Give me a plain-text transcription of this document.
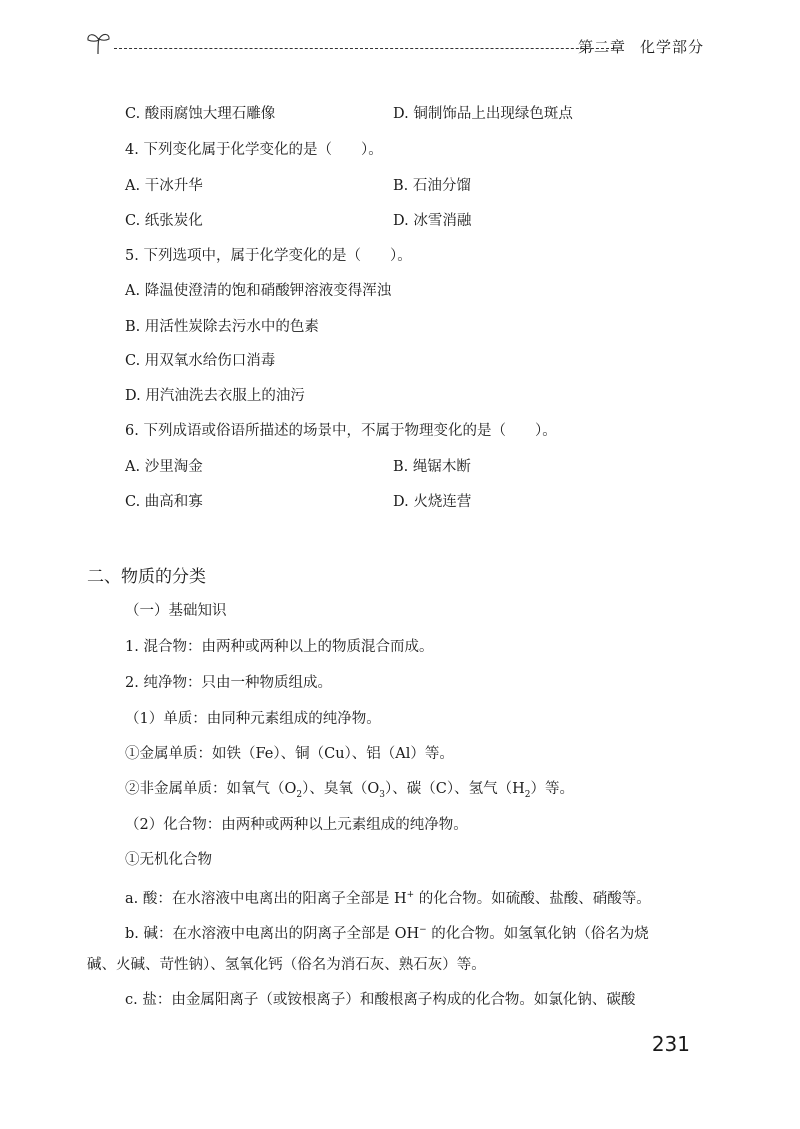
第二章 化学部分
C. 酸雨腐蚀大理石雕像	D. 铜制饰品上出现绿色斑点
4. 下列变化属于化学变化的是（　　）。
A. 干冰升华	B. 石油分馏
C. 纸张炭化	D. 冰雪消融
5. 下列选项中，属于化学变化的是（　　）。
A. 降温使澄清的饱和硝酸钾溶液变得浑浊
B. 用活性炭除去污水中的色素
C. 用双氧水给伤口消毒
D. 用汽油洗去衣服上的油污
6. 下列成语或俗语所描述的场景中，不属于物理变化的是（　　）。
A. 沙里淘金	B. 绳锯木断
C. 曲高和寡	D. 火烧连营
二、物质的分类
（一）基础知识
1. 混合物：由两种或两种以上的物质混合而成。
2. 纯净物：只由一种物质组成。
（1）单质：由同种元素组成的纯净物。
①金属单质：如铁（Fe）、铜（Cu）、铝（Al）等。
②非金属单质：如氧气$(O_2)$、臭氧$(O_3)$、碳（C）、氢气$(H_2)$等。
（2）化合物：由两种或两种以上元素组成的纯净物。
①无机化合物
a. 酸：在水溶液中电离出的阳离子全部是 H+ 的化合物。如硫酸、盐酸、硝酸等。
b. 碱：在水溶液中电离出的阴离子全部是 OH− 的化合物。如氢氧化钠（俗名为烧
碱、火碱、苛性钠）、氢氧化钙（俗名为消石灰、熟石灰）等。
c. 盐：由金属阳离子（或铵根离子）和酸根离子构成的化合物。如氯化钠、碳酸
231
